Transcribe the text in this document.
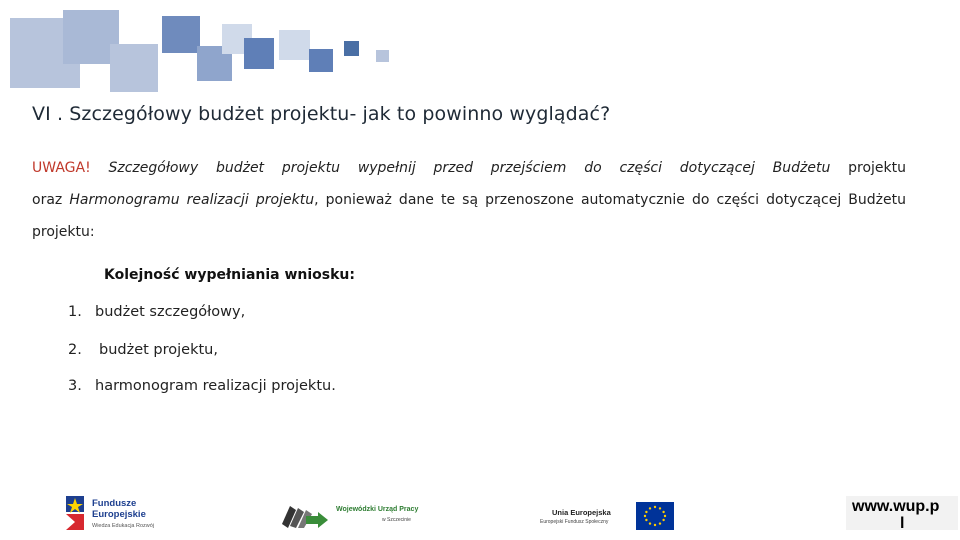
VI . Szczegółowy budżet projektu- jak to powinno wyglądać?
UWAGA! Szczegółowy budżet projektu wypełnij przed przejściem do części dotyczącej Budżetu projektu
oraz Harmonogramu realizacji projektu, ponieważ dane te są przenoszone automatycznie do części dotyczącej Budżetu
projektu:
Kolejność wypełniania wniosku:
1. budżet szczegółowy,
2. budżet projektu,
3. harmonogram realizacji projektu.
Fundusze
Europejskie
Wiedza Edukacja Rozwój
Wojewódzki Urząd Pracy
w Szczecinie
Unia Europejska
Europejski Fundusz Społeczny
www.wup.p
l
